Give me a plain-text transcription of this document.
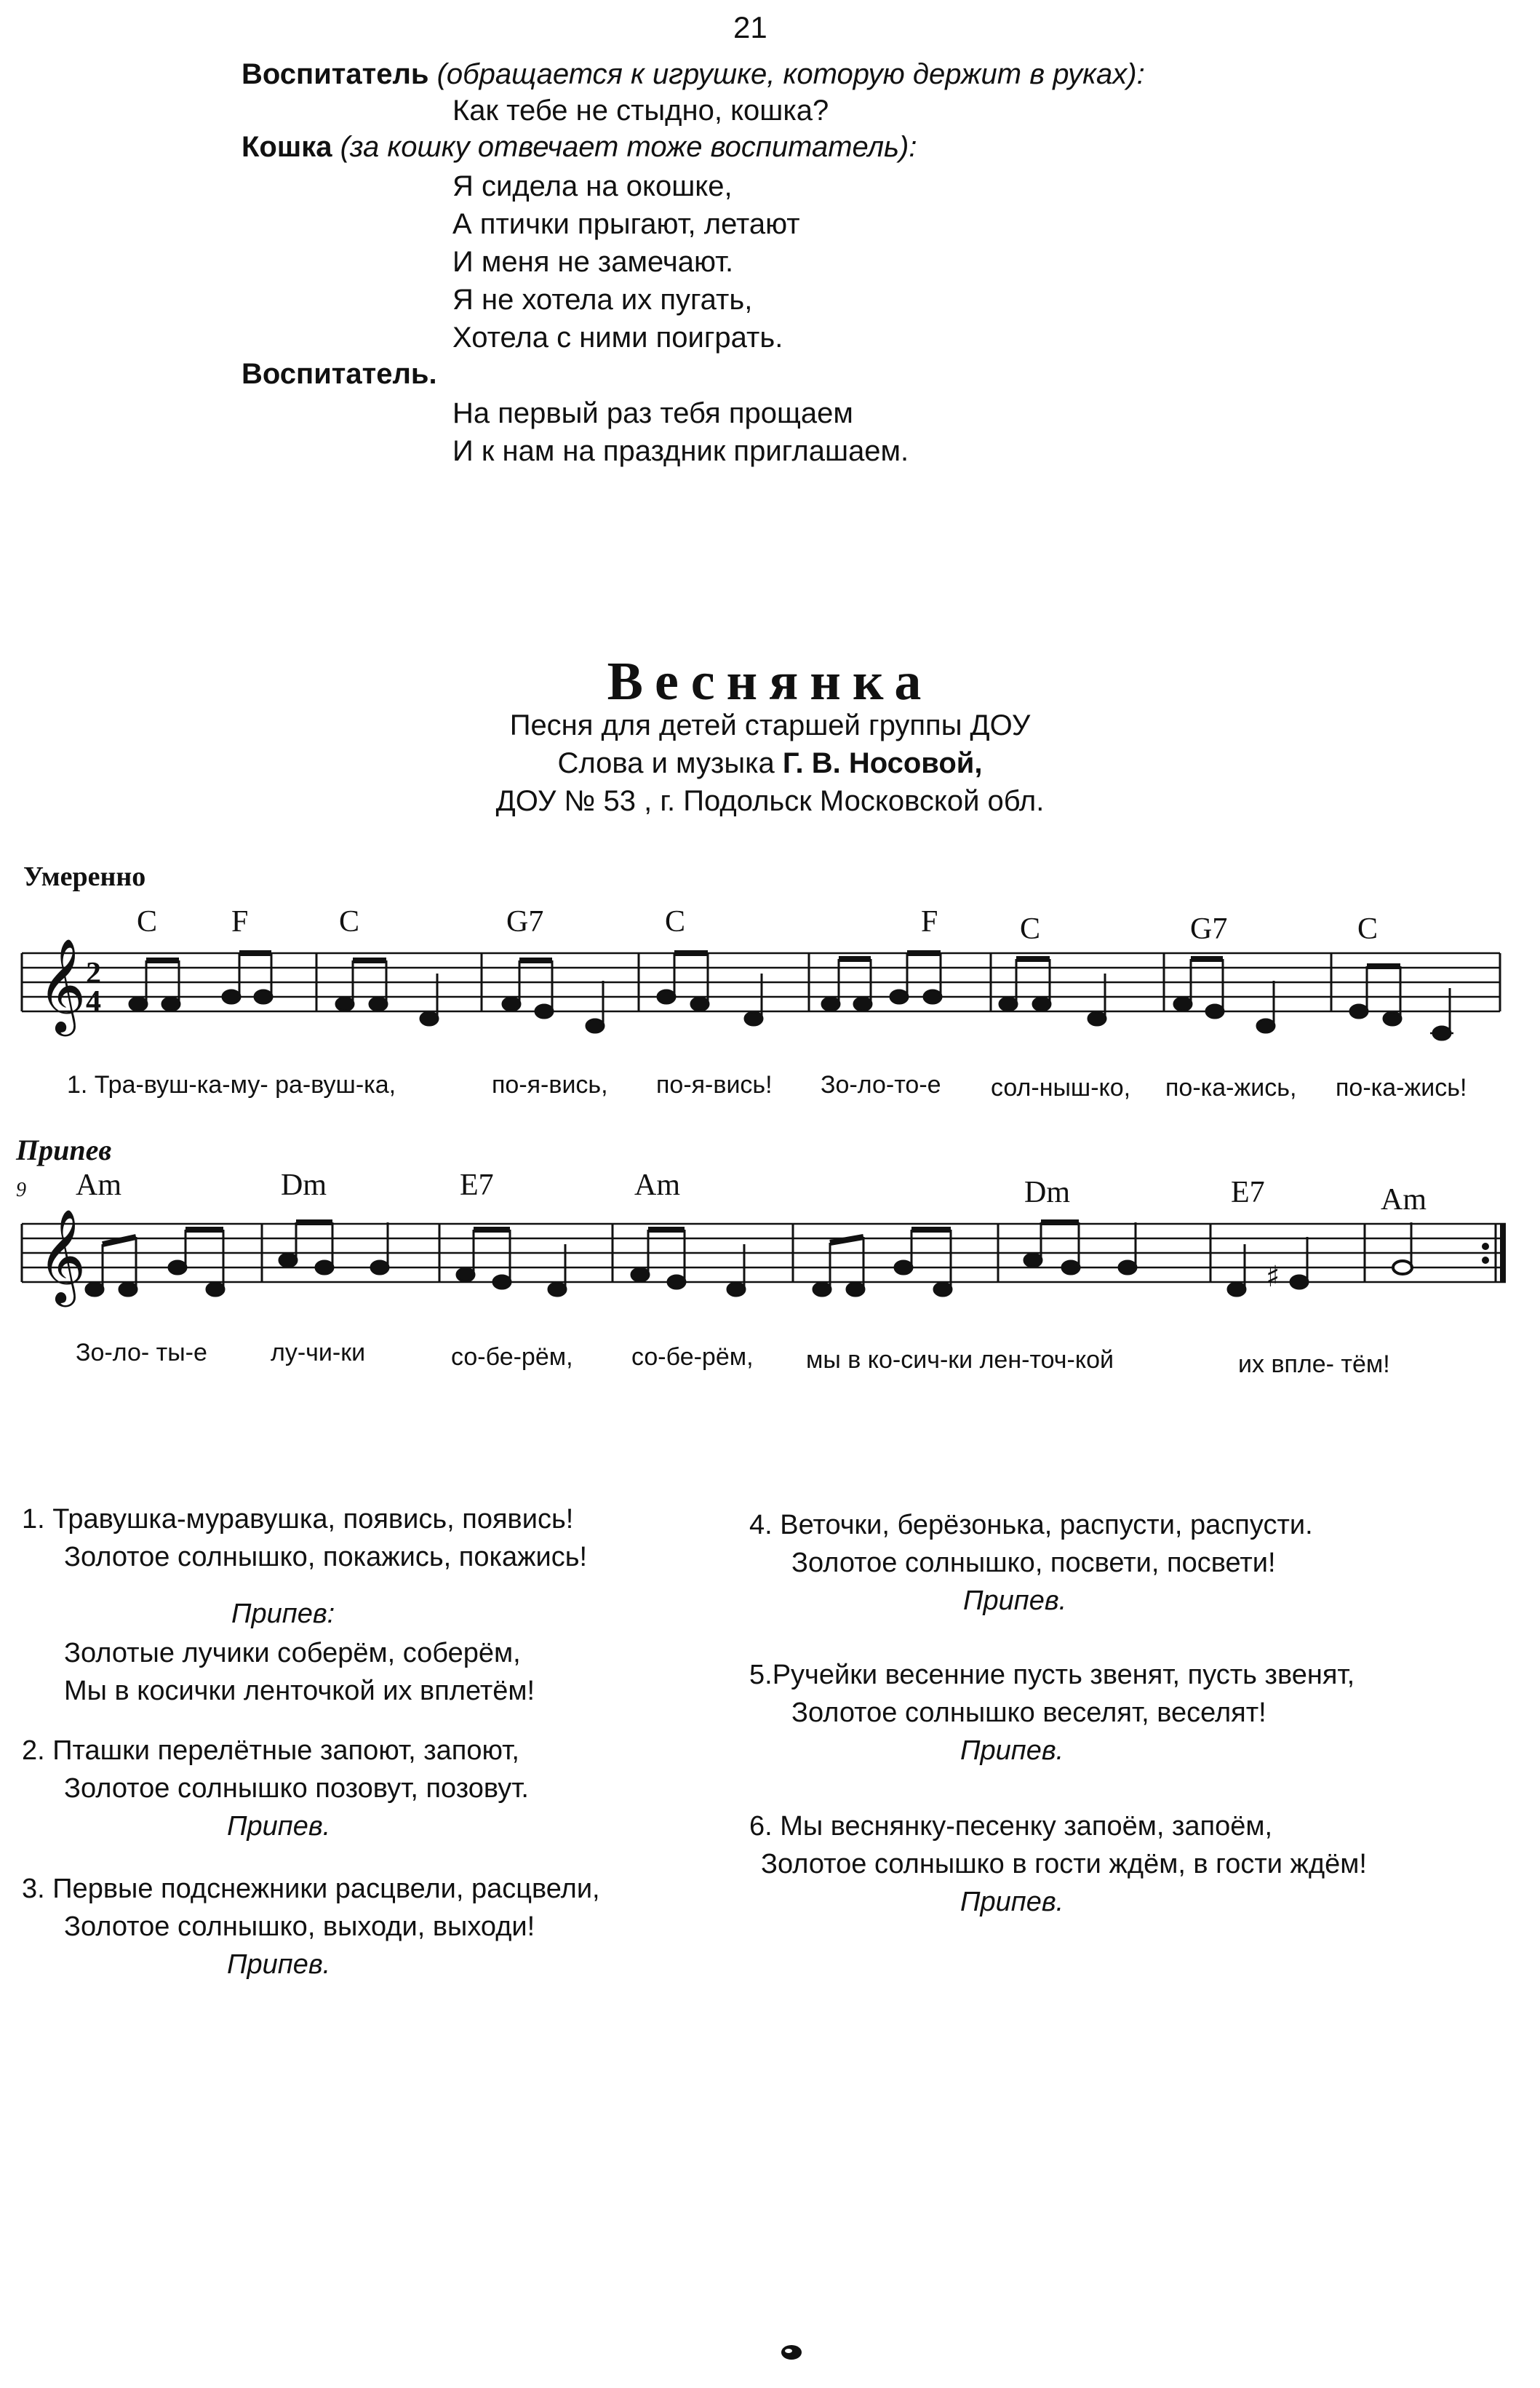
21
Воспитатель (обращается к игрушке, которую держит в руках):
Как тебе не стыдно, кошка?
Кошка (за кошку отвечает тоже воспитатель):
Я сидела на окошке,
А птички прыгают, летают
И меня не замечают.
Я не хотела их пугать,
Хотела с ними поиграть.
Воспитатель.
На первый раз тебя прощаем
И к нам на праздник приглашаем.
Веснянка
Песня для детей старшей группы ДОУ
Слова и музыка Г. В. Носовой,
ДОУ № 53 , г. Подольск Московской обл.
Умеренно
Припев
9
C F	C	G7	C	F	C	G7	C
Am	Dm	E7	Am	Dm	E7	Am
𝄞 2
4
𝄞	♯
1. Тра-вуш-ка-му- ра-вуш-ка,	по-я-вись, по-я-вись! Зо-ло-то-е сол-ныш-ко, по-ка-жись, по-ка-жись!
Зо-ло- ты-е	лу-чи-ки	со-бе-рём, со-бе-рём, мы в ко-сич-ки лен-точ-кой	их впле- тём!
1. Травушка-муравушка, появись, появись!
Золотое солнышко, покажись, покажись!
Припев:
Золотые лучики соберём, соберём,
Мы в косички ленточкой их вплетём!
2. Пташки перелётные запоют, запоют,
Золотое солнышко позовут, позовут.
Припев.
3. Первые подснежники расцвели, расцвели,
Золотое солнышко, выходи, выходи!
Припев.
4. Веточки, берёзонька, распусти, распусти.
Золотое солнышко, посвети, посвети!
Припев.
5.Ручейки весенние пусть звенят, пусть звенят,
Золотое солнышко веселят, веселят!
Припев.
6. Мы веснянку-песенку запоём, запоём,
Золотое солнышко в гости ждём, в гости ждём!
Припев.
